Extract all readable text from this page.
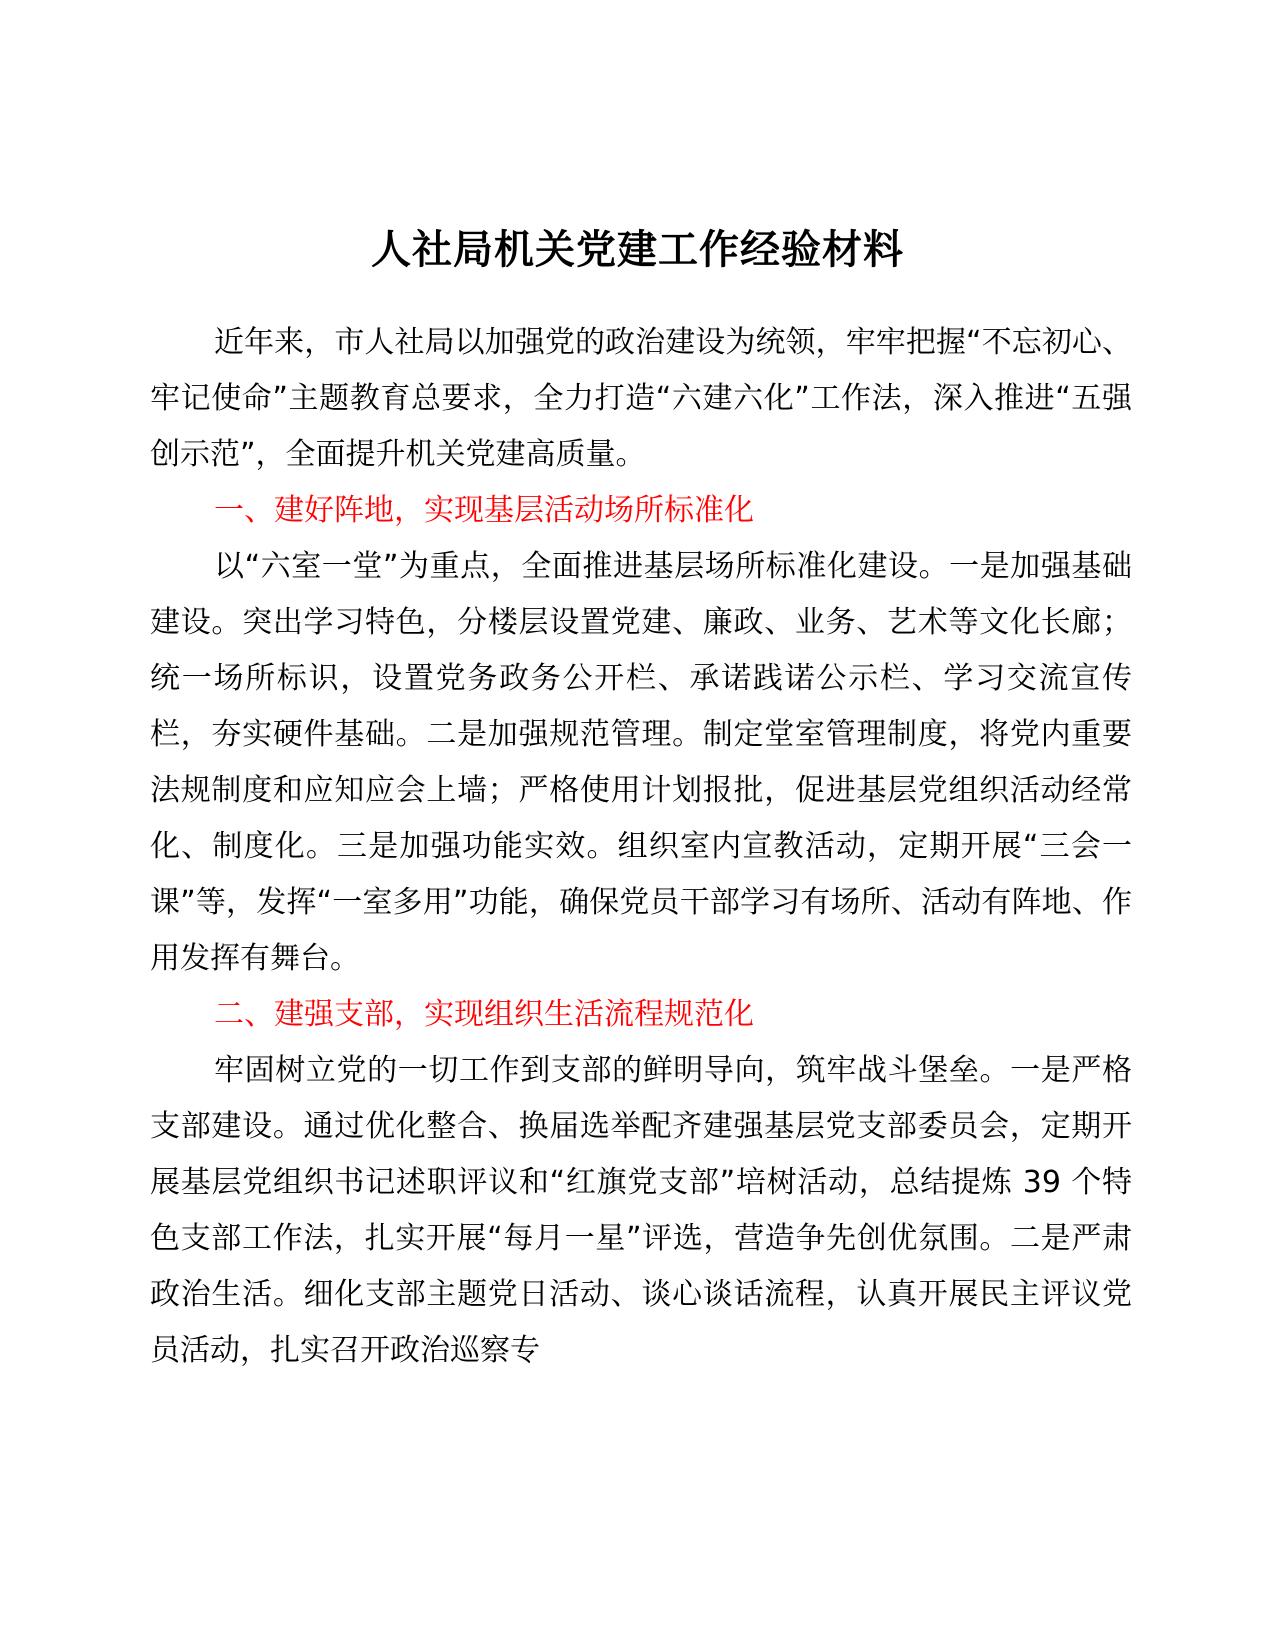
人社局机关党建工作经验材料

近年来，市人社局以加强党的政治建设为统领，牢牢把握“不忘初心、牢记使命”主题教育总要求，全力打造“六建六化”工作法，深入推进“五强创示范”，全面提升机关党建高质量。

一、建好阵地，实现基层活动场所标准化

以“六室一堂”为重点，全面推进基层场所标准化建设。一是加强基础建设。突出学习特色，分楼层设置党建、廉政、业务、艺术等文化长廊；统一场所标识，设置党务政务公开栏、承诺践诺公示栏、学习交流宣传栏，夯实硬件基础。二是加强规范管理。制定堂室管理制度，将党内重要法规制度和应知应会上墙；严格使用计划报批，促进基层党组织活动经常化、制度化。三是加强功能实效。组织室内宣教活动，定期开展“三会一课”等，发挥“一室多用”功能，确保党员干部学习有场所、活动有阵地、作用发挥有舞台。

二、建强支部，实现组织生活流程规范化

牢固树立党的一切工作到支部的鲜明导向，筑牢战斗堡垒。一是严格支部建设。通过优化整合、换届选举配齐建强基层党支部委员会，定期开展基层党组织书记述职评议和“红旗党支部”培树活动，总结提炼 39 个特色支部工作法，扎实开展“每月一星”评选，营造争先创优氛围。二是严肃政治生活。细化支部主题党日活动、谈心谈话流程，认真开展民主评议党员活动，扎实召开政治巡察专
